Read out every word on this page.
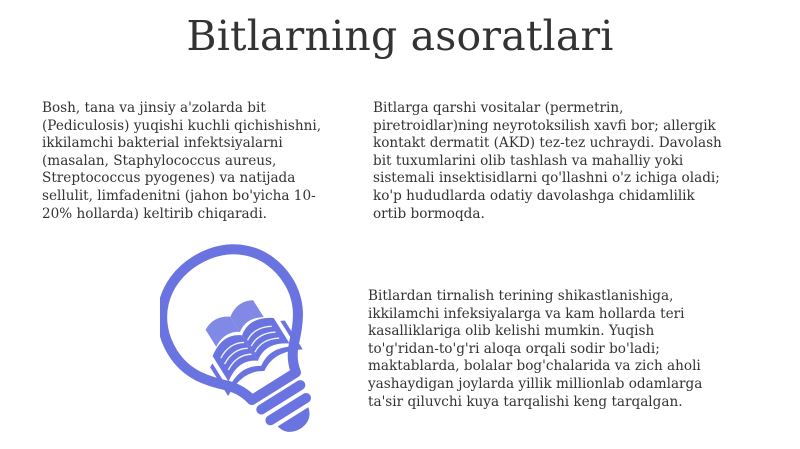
Bitlarning asoratlari
Bosh, tana va jinsiy a'zolarda bit
(Pediculosis) yuqishi kuchli qichishishni,
ikkilamchi bakterial infektsiyalarni
(masalan, Staphylococcus aureus,
Streptococcus pyogenes) va natijada
sellulit, limfadenitni (jahon bo'yicha 10-
20% hollarda) keltirib chiqaradi.
Bitlarga qarshi vositalar (permetrin,
piretroidlar)ning neyrotoksilish xavfi bor; allergik
kontakt dermatit (AKD) tez-tez uchraydi. Davolash
bit tuxumlarini olib tashlash va mahalliy yoki
sistemali insektisidlarni qo'llashni o'z ichiga oladi;
ko'p hududlarda odatiy davolashga chidamlilik
ortib bormoqda.
Bitlardan tirnalish terining shikastlanishiga,
ikkilamchi infeksiyalarga va kam hollarda teri
kasalliklariga olib kelishi mumkin. Yuqish
to'g'ridan-to'g'ri aloqa orqali sodir bo'ladi;
maktablarda, bolalar bog'chalarida va zich aholi
yashaydigan joylarda yillik millionlab odamlarga
ta'sir qiluvchi kuya tarqalishi keng tarqalgan.
